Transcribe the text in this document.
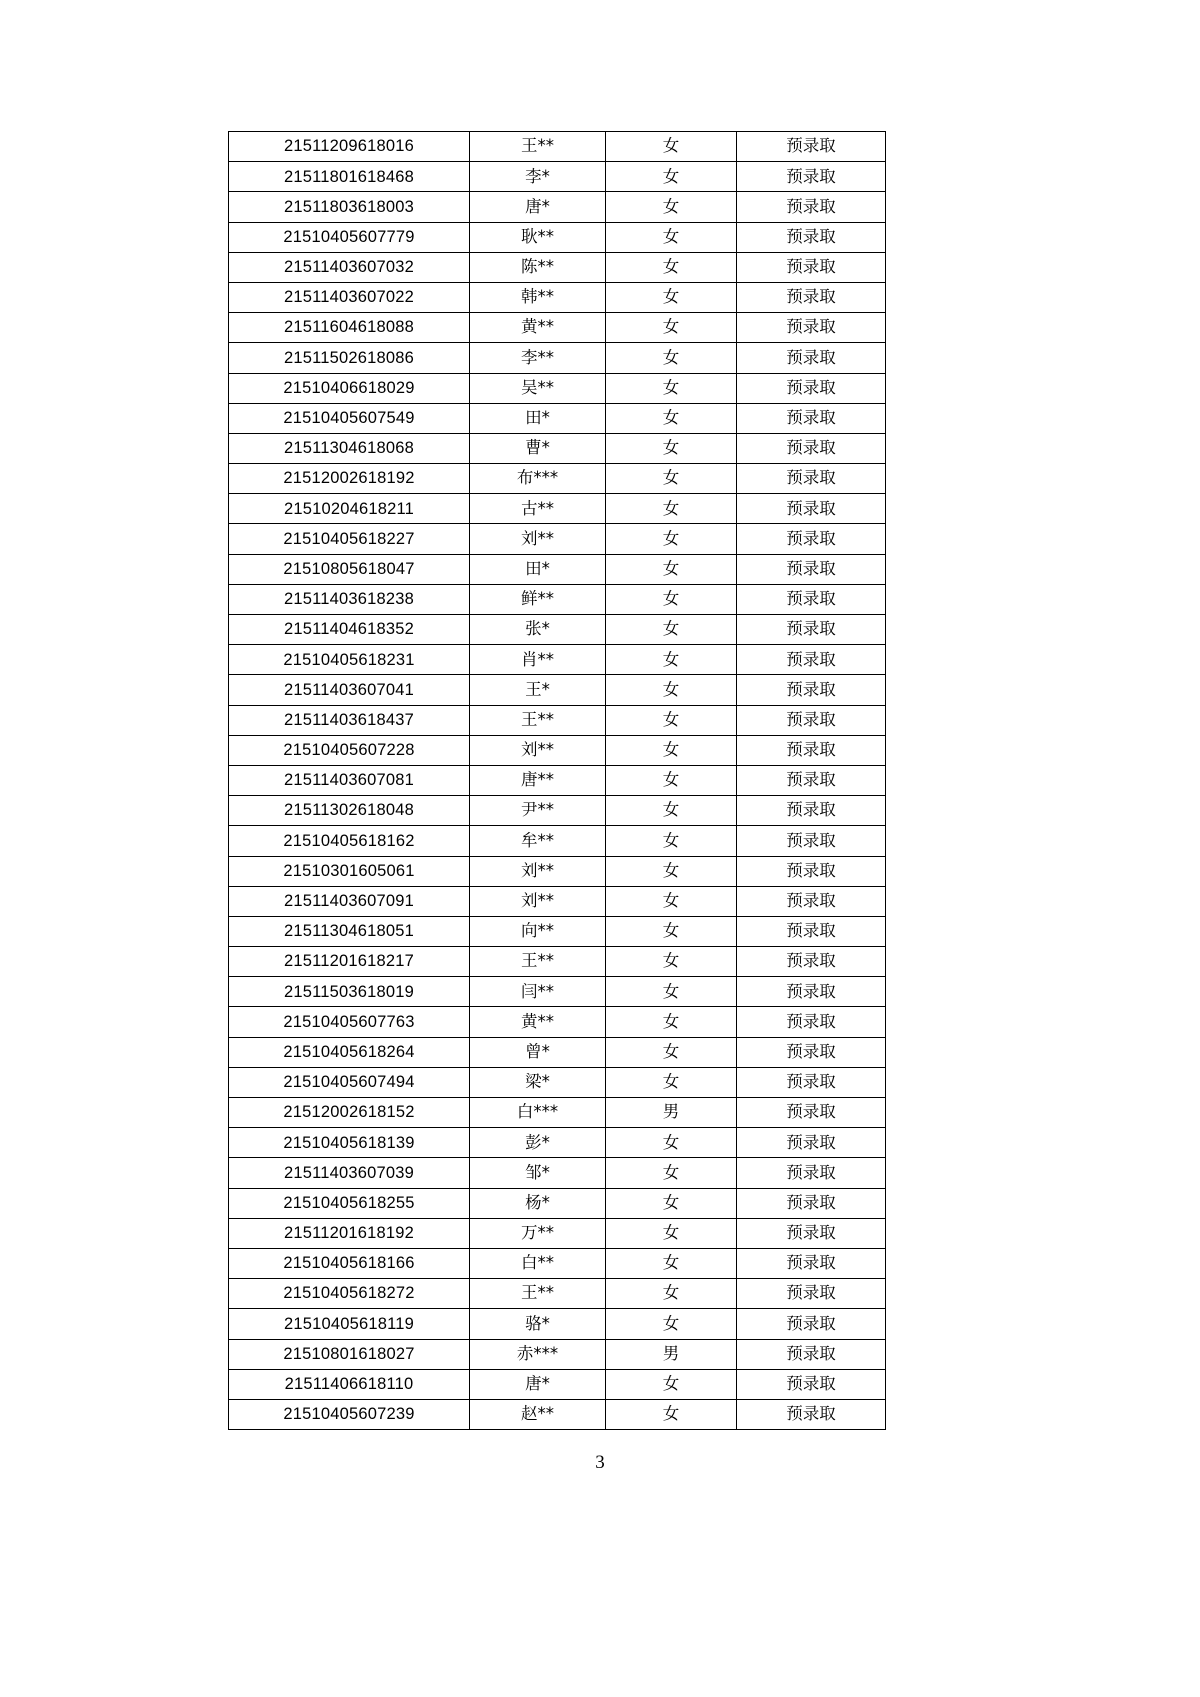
21511209618016	王**	女	预录取
21511801618468	李*	女	预录取
21511803618003	唐*	女	预录取
21510405607779	耿**	女	预录取
21511403607032	陈**	女	预录取
21511403607022	韩**	女	预录取
21511604618088	黄**	女	预录取
21511502618086	李**	女	预录取
21510406618029	吴**	女	预录取
21510405607549	田*	女	预录取
21511304618068	曹*	女	预录取
21512002618192	布***	女	预录取
21510204618211	古**	女	预录取
21510405618227	刘**	女	预录取
21510805618047	田*	女	预录取
21511403618238	鲜**	女	预录取
21511404618352	张*	女	预录取
21510405618231	肖**	女	预录取
21511403607041	王*	女	预录取
21511403618437	王**	女	预录取
21510405607228	刘**	女	预录取
21511403607081	唐**	女	预录取
21511302618048	尹**	女	预录取
21510405618162	牟**	女	预录取
21510301605061	刘**	女	预录取
21511403607091	刘**	女	预录取
21511304618051	向**	女	预录取
21511201618217	王**	女	预录取
21511503618019	闫**	女	预录取
21510405607763	黄**	女	预录取
21510405618264	曾*	女	预录取
21510405607494	梁*	女	预录取
21512002618152	白***	男	预录取
21510405618139	彭*	女	预录取
21511403607039	邹*	女	预录取
21510405618255	杨*	女	预录取
21511201618192	万**	女	预录取
21510405618166	白**	女	预录取
21510405618272	王**	女	预录取
21510405618119	骆*	女	预录取
21510801618027	赤***	男	预录取
21511406618110	唐*	女	预录取
21510405607239	赵**	女	预录取
3
